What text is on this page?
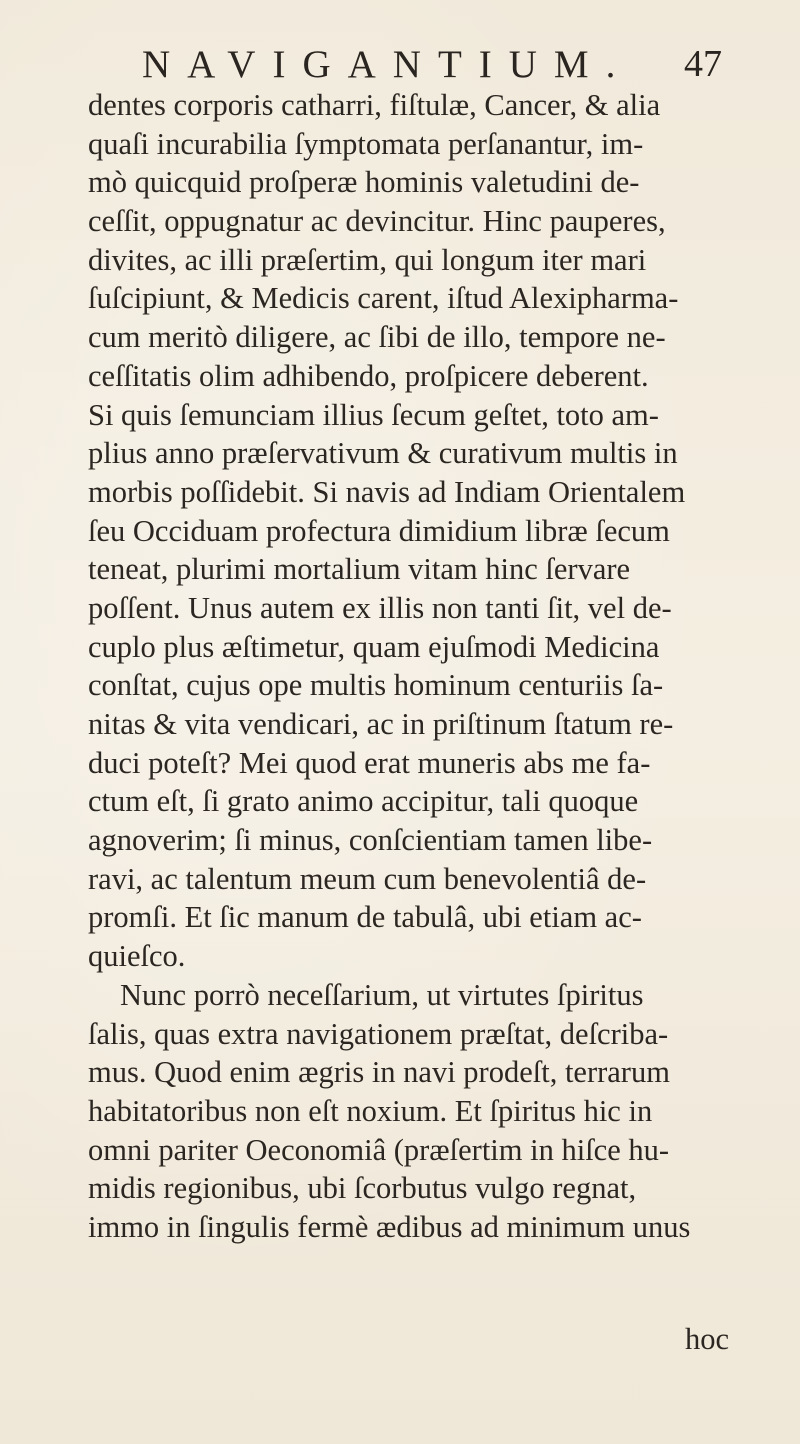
NAVIGANTIUM. 47
dentes corporis catharri, fiſtulæ, Cancer, & alia
quaſi incurabilia ſymptomata perſanantur, im-
mò quicquid proſperæ hominis valetudini de-
ceſſit, oppugnatur ac devincitur. Hinc pauperes,
divites, ac illi præſertim, qui longum iter mari
ſuſcipiunt, & Medicis carent, iſtud Alexipharma-
cum meritò diligere, ac ſibi de illo, tempore ne-
ceſſitatis olim adhibendo, proſpicere deberent.
Si quis ſemunciam illius ſecum geſtet, toto am-
plius anno præſervativum & curativum multis in
morbis poſſidebit. Si navis ad Indiam Orientalem
ſeu Occiduam profectura dimidium libræ ſecum
teneat, plurimi mortalium vitam hinc ſervare
poſſent. Unus autem ex illis non tanti ſit, vel de-
cuplo plus æſtimetur, quam ejuſmodi Medicina
conſtat, cujus ope multis hominum centuriis ſa-
nitas & vita vendicari, ac in priſtinum ſtatum re-
duci poteſt? Mei quod erat muneris abs me fa-
ctum eſt, ſi grato animo accipitur, tali quoque
agnoverim; ſi minus, conſcientiam tamen libe-
ravi, ac talentum meum cum benevolentiâ de-
promſi. Et ſic manum de tabulâ, ubi etiam ac-
quieſco.
Nunc porrò neceſſarium, ut virtutes ſpiritus
ſalis, quas extra navigationem præſtat, deſcriba-
mus. Quod enim ægris in navi prodeſt, terrarum
habitatoribus non eſt noxium. Et ſpiritus hic in
omni pariter Oeconomiâ (præſertim in hiſce hu-
midis regionibus, ubi ſcorbutus vulgo regnat,
immo in ſingulis fermè ædibus ad minimum unus
hoc
